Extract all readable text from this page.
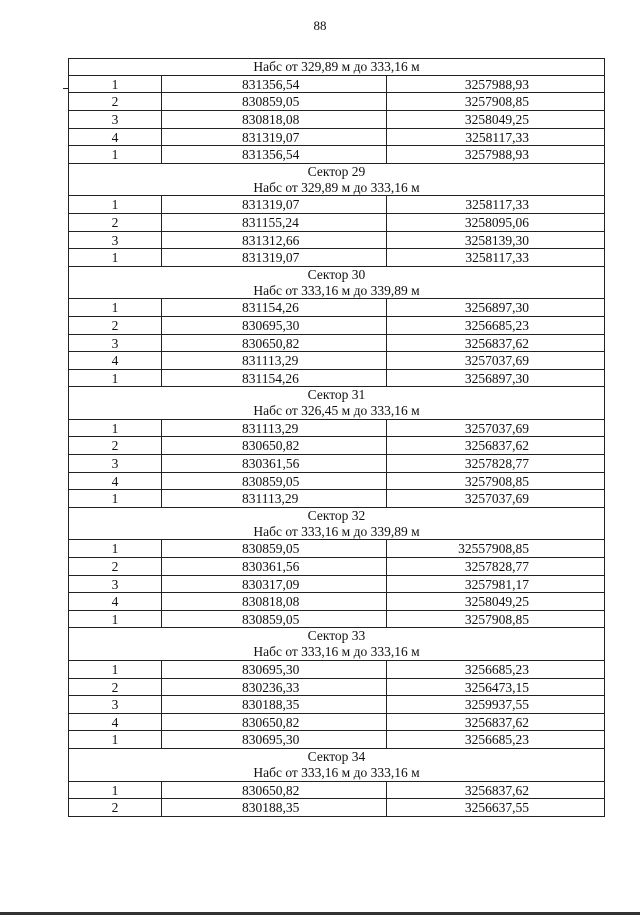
88
Набс от 329,89 м до 333,16 м
1	831356,54	3257988,93
2	830859,05	3257908,85
3	830818,08	3258049,25
4	831319,07	3258117,33
1	831356,54	3257988,93
Сектор 29
Набс от 329,89 м до 333,16 м
1	831319,07	3258117,33
2	831155,24	3258095,06
3	831312,66	3258139,30
1	831319,07	3258117,33
Сектор 30
Набс от 333,16 м до 339,89 м
1	831154,26	3256897,30
2	830695,30	3256685,23
3	830650,82	3256837,62
4	831113,29	3257037,69
1	831154,26	3256897,30
Сектор 31
Набс от 326,45 м до 333,16 м
1	831113,29	3257037,69
2	830650,82	3256837,62
3	830361,56	3257828,77
4	830859,05	3257908,85
1	831113,29	3257037,69
Сектор 32
Набс от 333,16 м до 339,89 м
1	830859,05	32557908,85
2	830361,56	3257828,77
3	830317,09	3257981,17
4	830818,08	3258049,25
1	830859,05	3257908,85
Сектор 33
Набс от 333,16 м до 333,16 м
1	830695,30	3256685,23
2	830236,33	3256473,15
3	830188,35	3259937,55
4	830650,82	3256837,62
1	830695,30	3256685,23
Сектор 34
Набс от 333,16 м до 333,16 м
1	830650,82	3256837,62
2	830188,35	3256637,55
